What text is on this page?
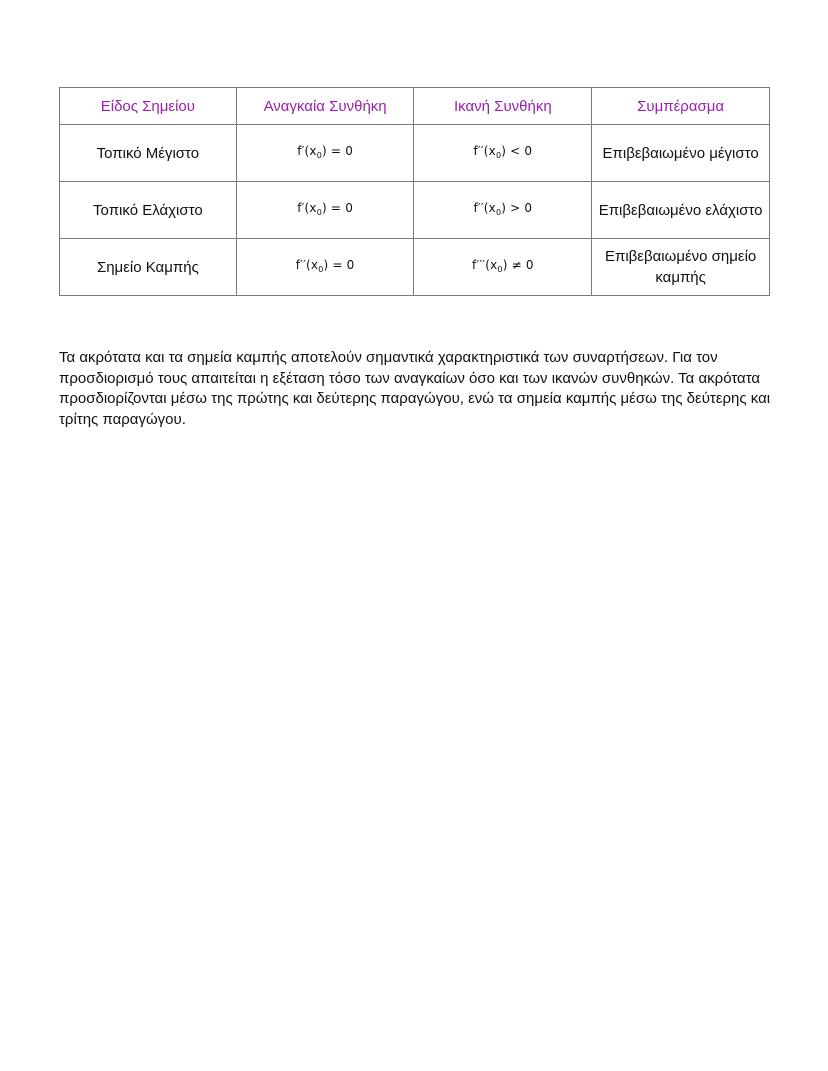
Είδος Σημείου	Αναγκαία Συνθήκη	Ικανή Συνθήκη	Συμπέρασμα
Τοπικό Μέγιστο	$f'(x_0) = 0$	$f''(x_0) < 0$	Επιβεβαιωμένο μέγιστο
Τοπικό Ελάχιστο	$f'(x_0) = 0$	$f''(x_0) > 0$	Επιβεβαιωμένο ελάχιστο
Σημείο Καμπής	$f''(x_0) = 0$	$f'''(x_0) \ne 0$	Επιβεβαιωμένο σημείο καμπής

Τα ακρότατα και τα σημεία καμπής αποτελούν σημαντικά χαρακτηριστικά των συναρτήσεων. Για τον προσδιορισμό τους απαιτείται η εξέταση τόσο των αναγκαίων όσο και των ικανών συνθηκών. Τα ακρότατα προσδιορίζονται μέσω της πρώτης και δεύτερης παραγώγου, ενώ τα σημεία καμπής μέσω της δεύτερης και τρίτης παραγώγου.
